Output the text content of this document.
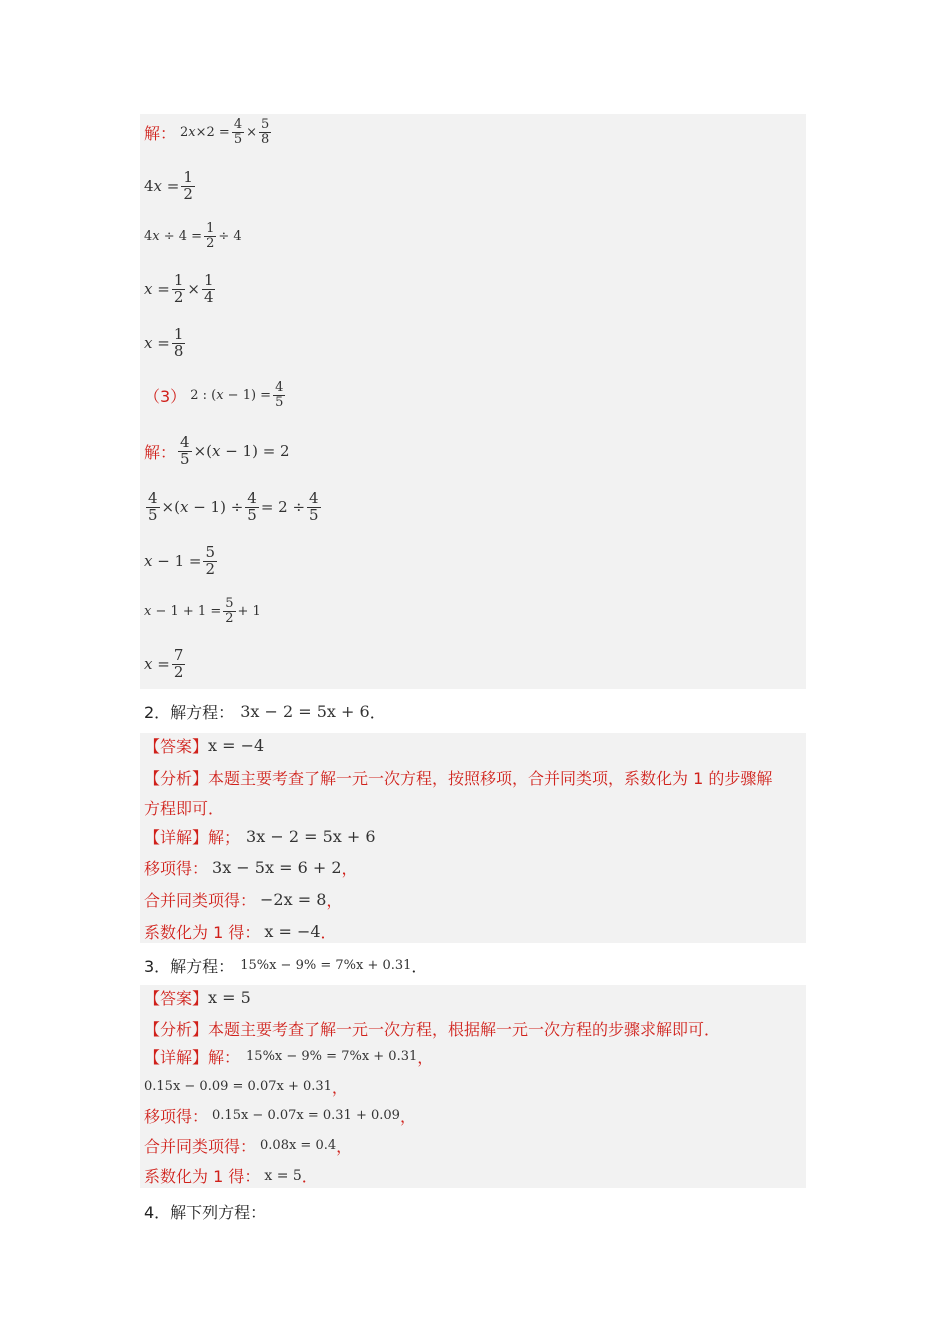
解： $2x\times 2 = \frac{4}{5} \times \frac{5}{8}$
$4x = \frac{1}{2}$
$4x \div 4 = \frac{1}{2} \div 4$
$x = \frac{1}{2} \times \frac{1}{4}$
$x = \frac{1}{8}$
（3） 2 : $(x - 1) = \frac{4}{5}$
解： $\frac{4}{5} \times(x - 1) = 2$
$\frac{4}{5} \times(x - 1) \div \frac{4}{5} = 2 \div \frac{4}{5}$
$x - 1 = \frac{5}{2}$
$x - 1 + 1 = \frac{5}{2} + 1$
$x = \frac{7}{2}$
2．解方程： 3x − 2 = 5x + 6 ．
【答案】 x = −4
【分析】 本题主要考查了解一元一次方程，按照移项，合并同类项，系数化为 1 的步骤解
方程即可．
【详解】 解； 3x − 2 = 5x + 6
移项得： 3x − 5x = 6 + 2 ，
合并同类项得： −2x = 8 ，
系数化为 1 得： x = −4 ．
3．解方程： 15%x − 9% = 7%x + 0.31 ．
【答案】 x = 5
【分析】 本题主要考查了解一元一次方程，根据解一元一次方程的步骤求解即可．
【详解】 解： 15%x − 9% = 7%x + 0.31 ，
0.15x − 0.09 = 0.07x + 0.31 ，
移项得： 0.15x − 0.07x = 0.31 + 0.09 ，
合并同类项得： 0.08x = 0.4 ，
系数化为 1 得： x = 5 ．
4．解下列方程：
